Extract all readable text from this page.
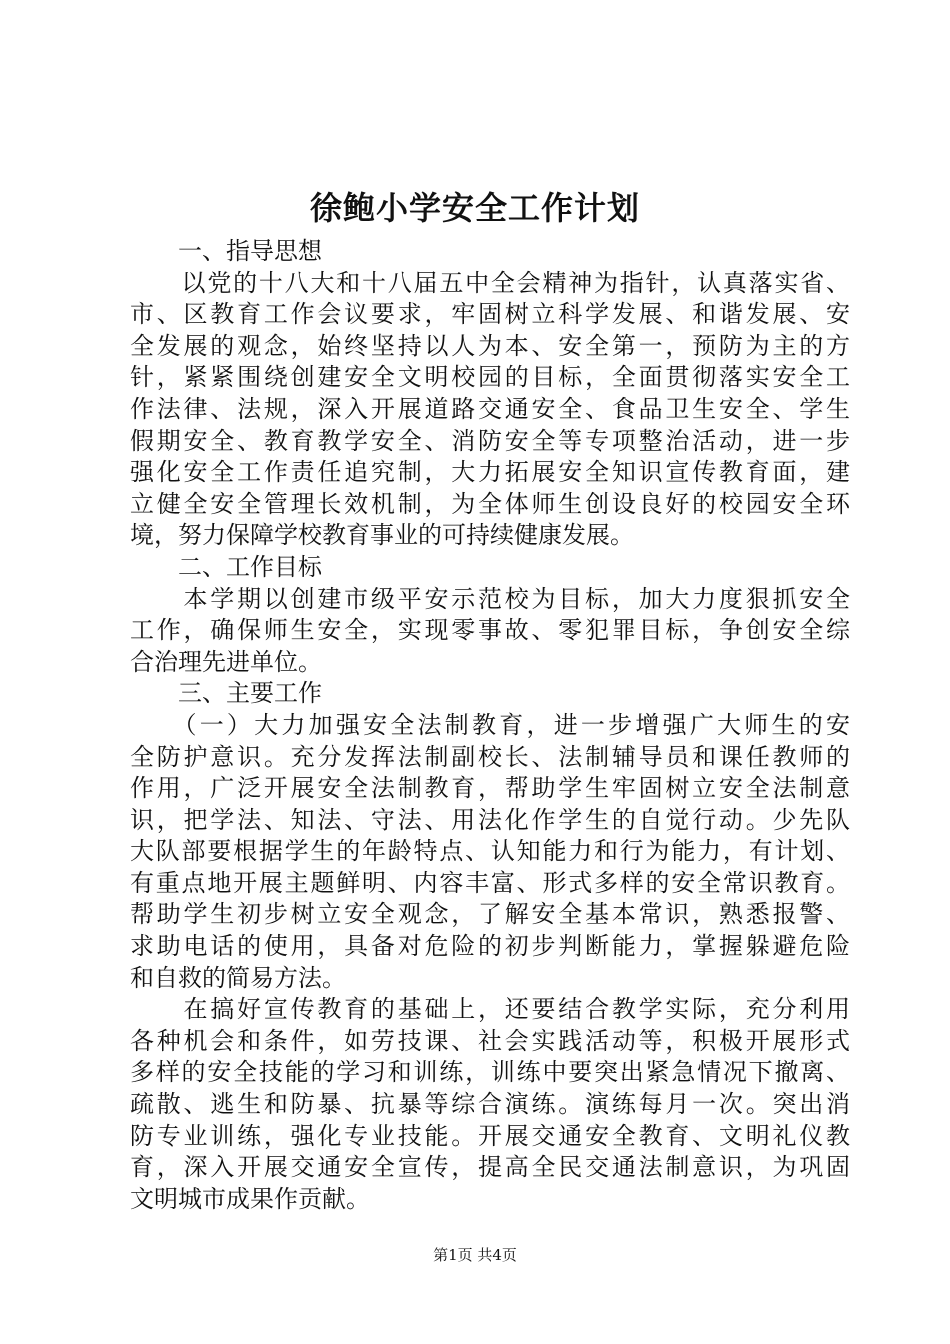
徐鲍小学安全工作计划
　　一、指导思想
　　以党的十八大和十八届五中全会精神为指针，认真落实省、
市、区教育工作会议要求，牢固树立科学发展、和谐发展、安
全发展的观念，始终坚持以人为本、安全第一，预防为主的方
针，紧紧围绕创建安全文明校园的目标，全面贯彻落实安全工
作法律、法规，深入开展道路交通安全、食品卫生安全、学生
假期安全、教育教学安全、消防安全等专项整治活动，进一步
强化安全工作责任追究制，大力拓展安全知识宣传教育面，建
立健全安全管理长效机制，为全体师生创设良好的校园安全环
境，努力保障学校教育事业的可持续健康发展。
　　二、工作目标
　　本学期以创建市级平安示范校为目标，加大力度狠抓安全
工作，确保师生安全，实现零事故、零犯罪目标，争创安全综
合治理先进单位。
　　三、主要工作
　　（一）大力加强安全法制教育，进一步增强广大师生的安
全防护意识。充分发挥法制副校长、法制辅导员和课任教师的
作用，广泛开展安全法制教育，帮助学生牢固树立安全法制意
识，把学法、知法、守法、用法化作学生的自觉行动。少先队
大队部要根据学生的年龄特点、认知能力和行为能力，有计划、
有重点地开展主题鲜明、内容丰富、形式多样的安全常识教育。
帮助学生初步树立安全观念，了解安全基本常识，熟悉报警、
求助电话的使用，具备对危险的初步判断能力，掌握躲避危险
和自救的简易方法。
　　在搞好宣传教育的基础上，还要结合教学实际，充分利用
各种机会和条件，如劳技课、社会实践活动等，积极开展形式
多样的安全技能的学习和训练，训练中要突出紧急情况下撤离、
疏散、逃生和防暴、抗暴等综合演练。演练每月一次。突出消
防专业训练，强化专业技能。开展交通安全教育、文明礼仪教
育，深入开展交通安全宣传，提高全民交通法制意识，为巩固
文明城市成果作贡献。
第1页 共4页
